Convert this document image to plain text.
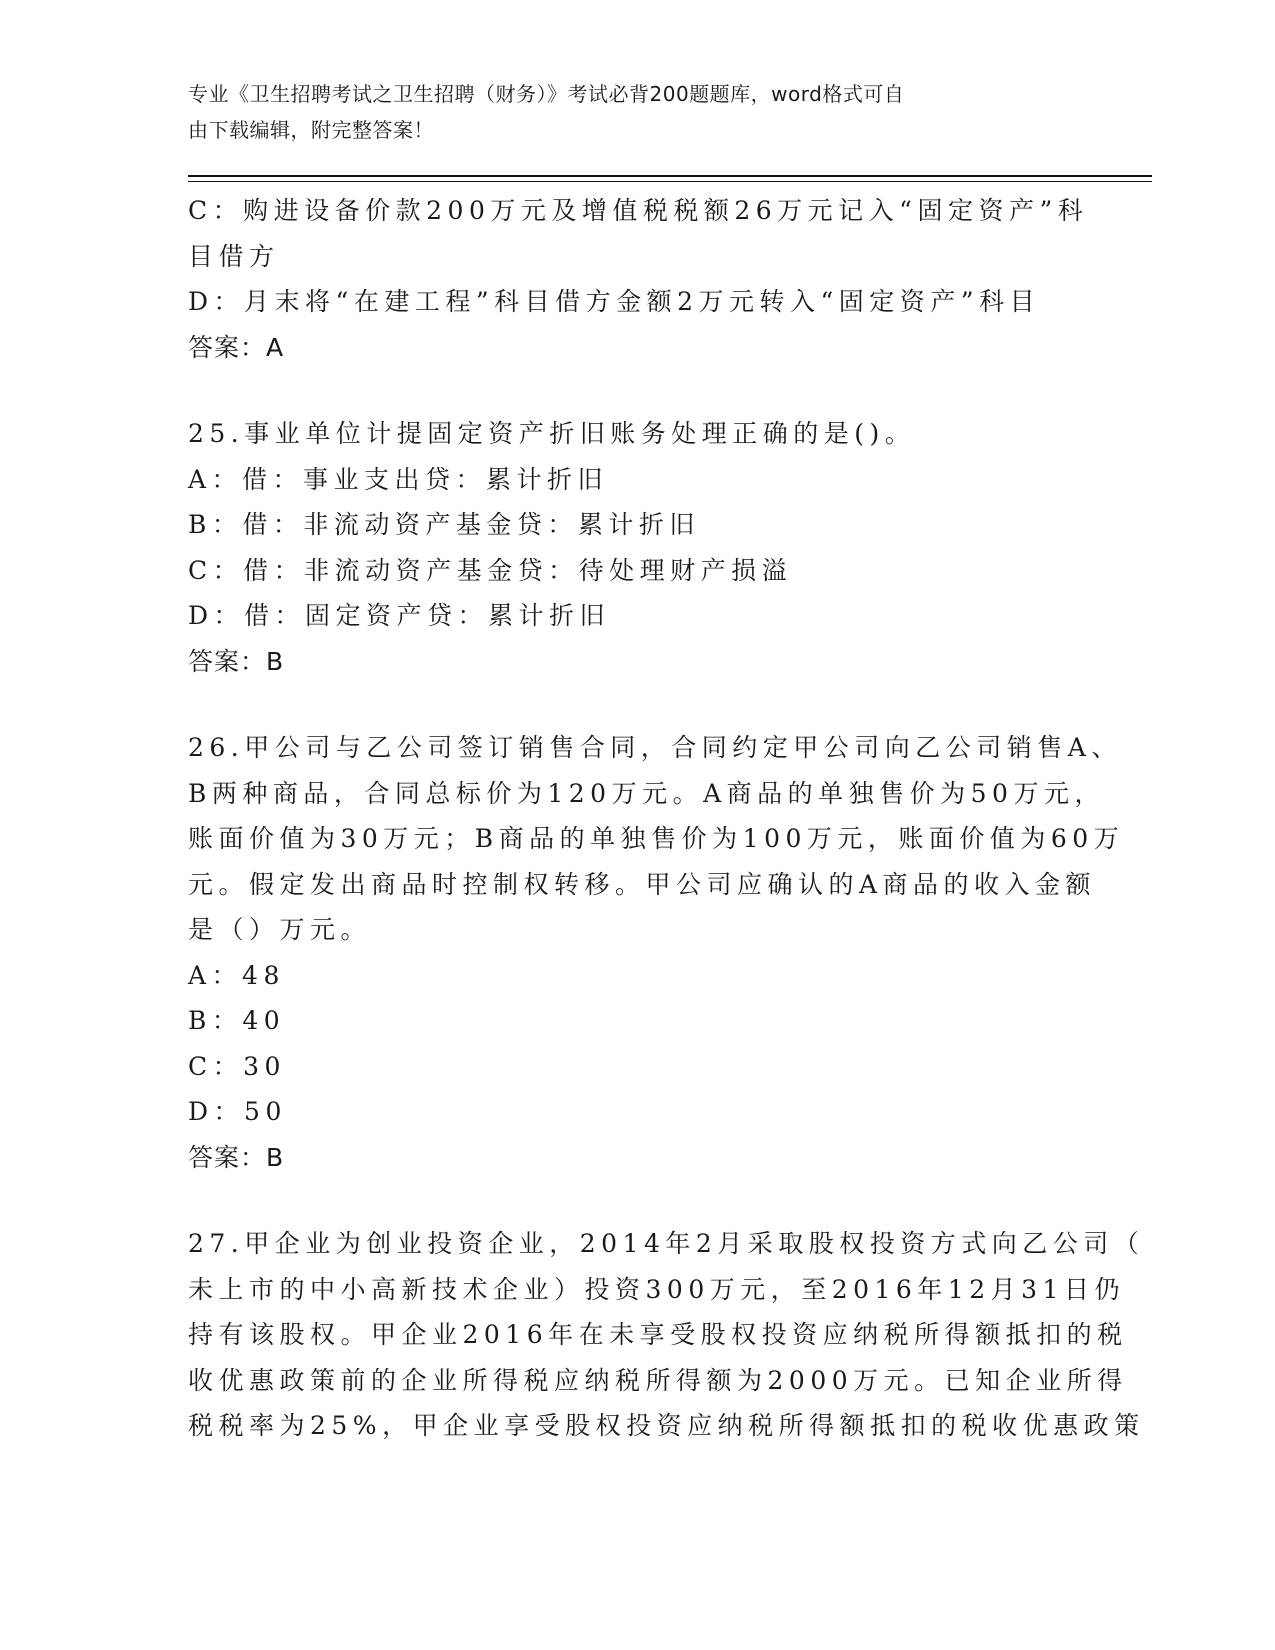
专业《卫生招聘考试之卫生招聘（财务）》考试必背200题题库，word格式可自
由下载编辑，附完整答案！
C：购进设备价款200万元及增值税税额26万元记入“固定资产”科
目借方
D：月末将“在建工程”科目借方金额2万元转入“固定资产”科目
答案：A
25.事业单位计提固定资产折旧账务处理正确的是()。
A：借：事业支出贷：累计折旧
B：借：非流动资产基金贷：累计折旧
C：借：非流动资产基金贷：待处理财产损溢
D：借：固定资产贷：累计折旧
答案：B
26.甲公司与乙公司签订销售合同，合同约定甲公司向乙公司销售A、
B两种商品，合同总标价为120万元。A商品的单独售价为50万元，
账面价值为30万元；B商品的单独售价为100万元，账面价值为60万
元。假定发出商品时控制权转移。甲公司应确认的A商品的收入金额
是（）万元。
A：48
B：40
C：30
D：50
答案：B
27.甲企业为创业投资企业，2014年2月采取股权投资方式向乙公司（
未上市的中小高新技术企业）投资300万元，至2016年12月31日仍
持有该股权。甲企业2016年在未享受股权投资应纳税所得额抵扣的税
收优惠政策前的企业所得税应纳税所得额为2000万元。已知企业所得
税税率为25%，甲企业享受股权投资应纳税所得额抵扣的税收优惠政策
